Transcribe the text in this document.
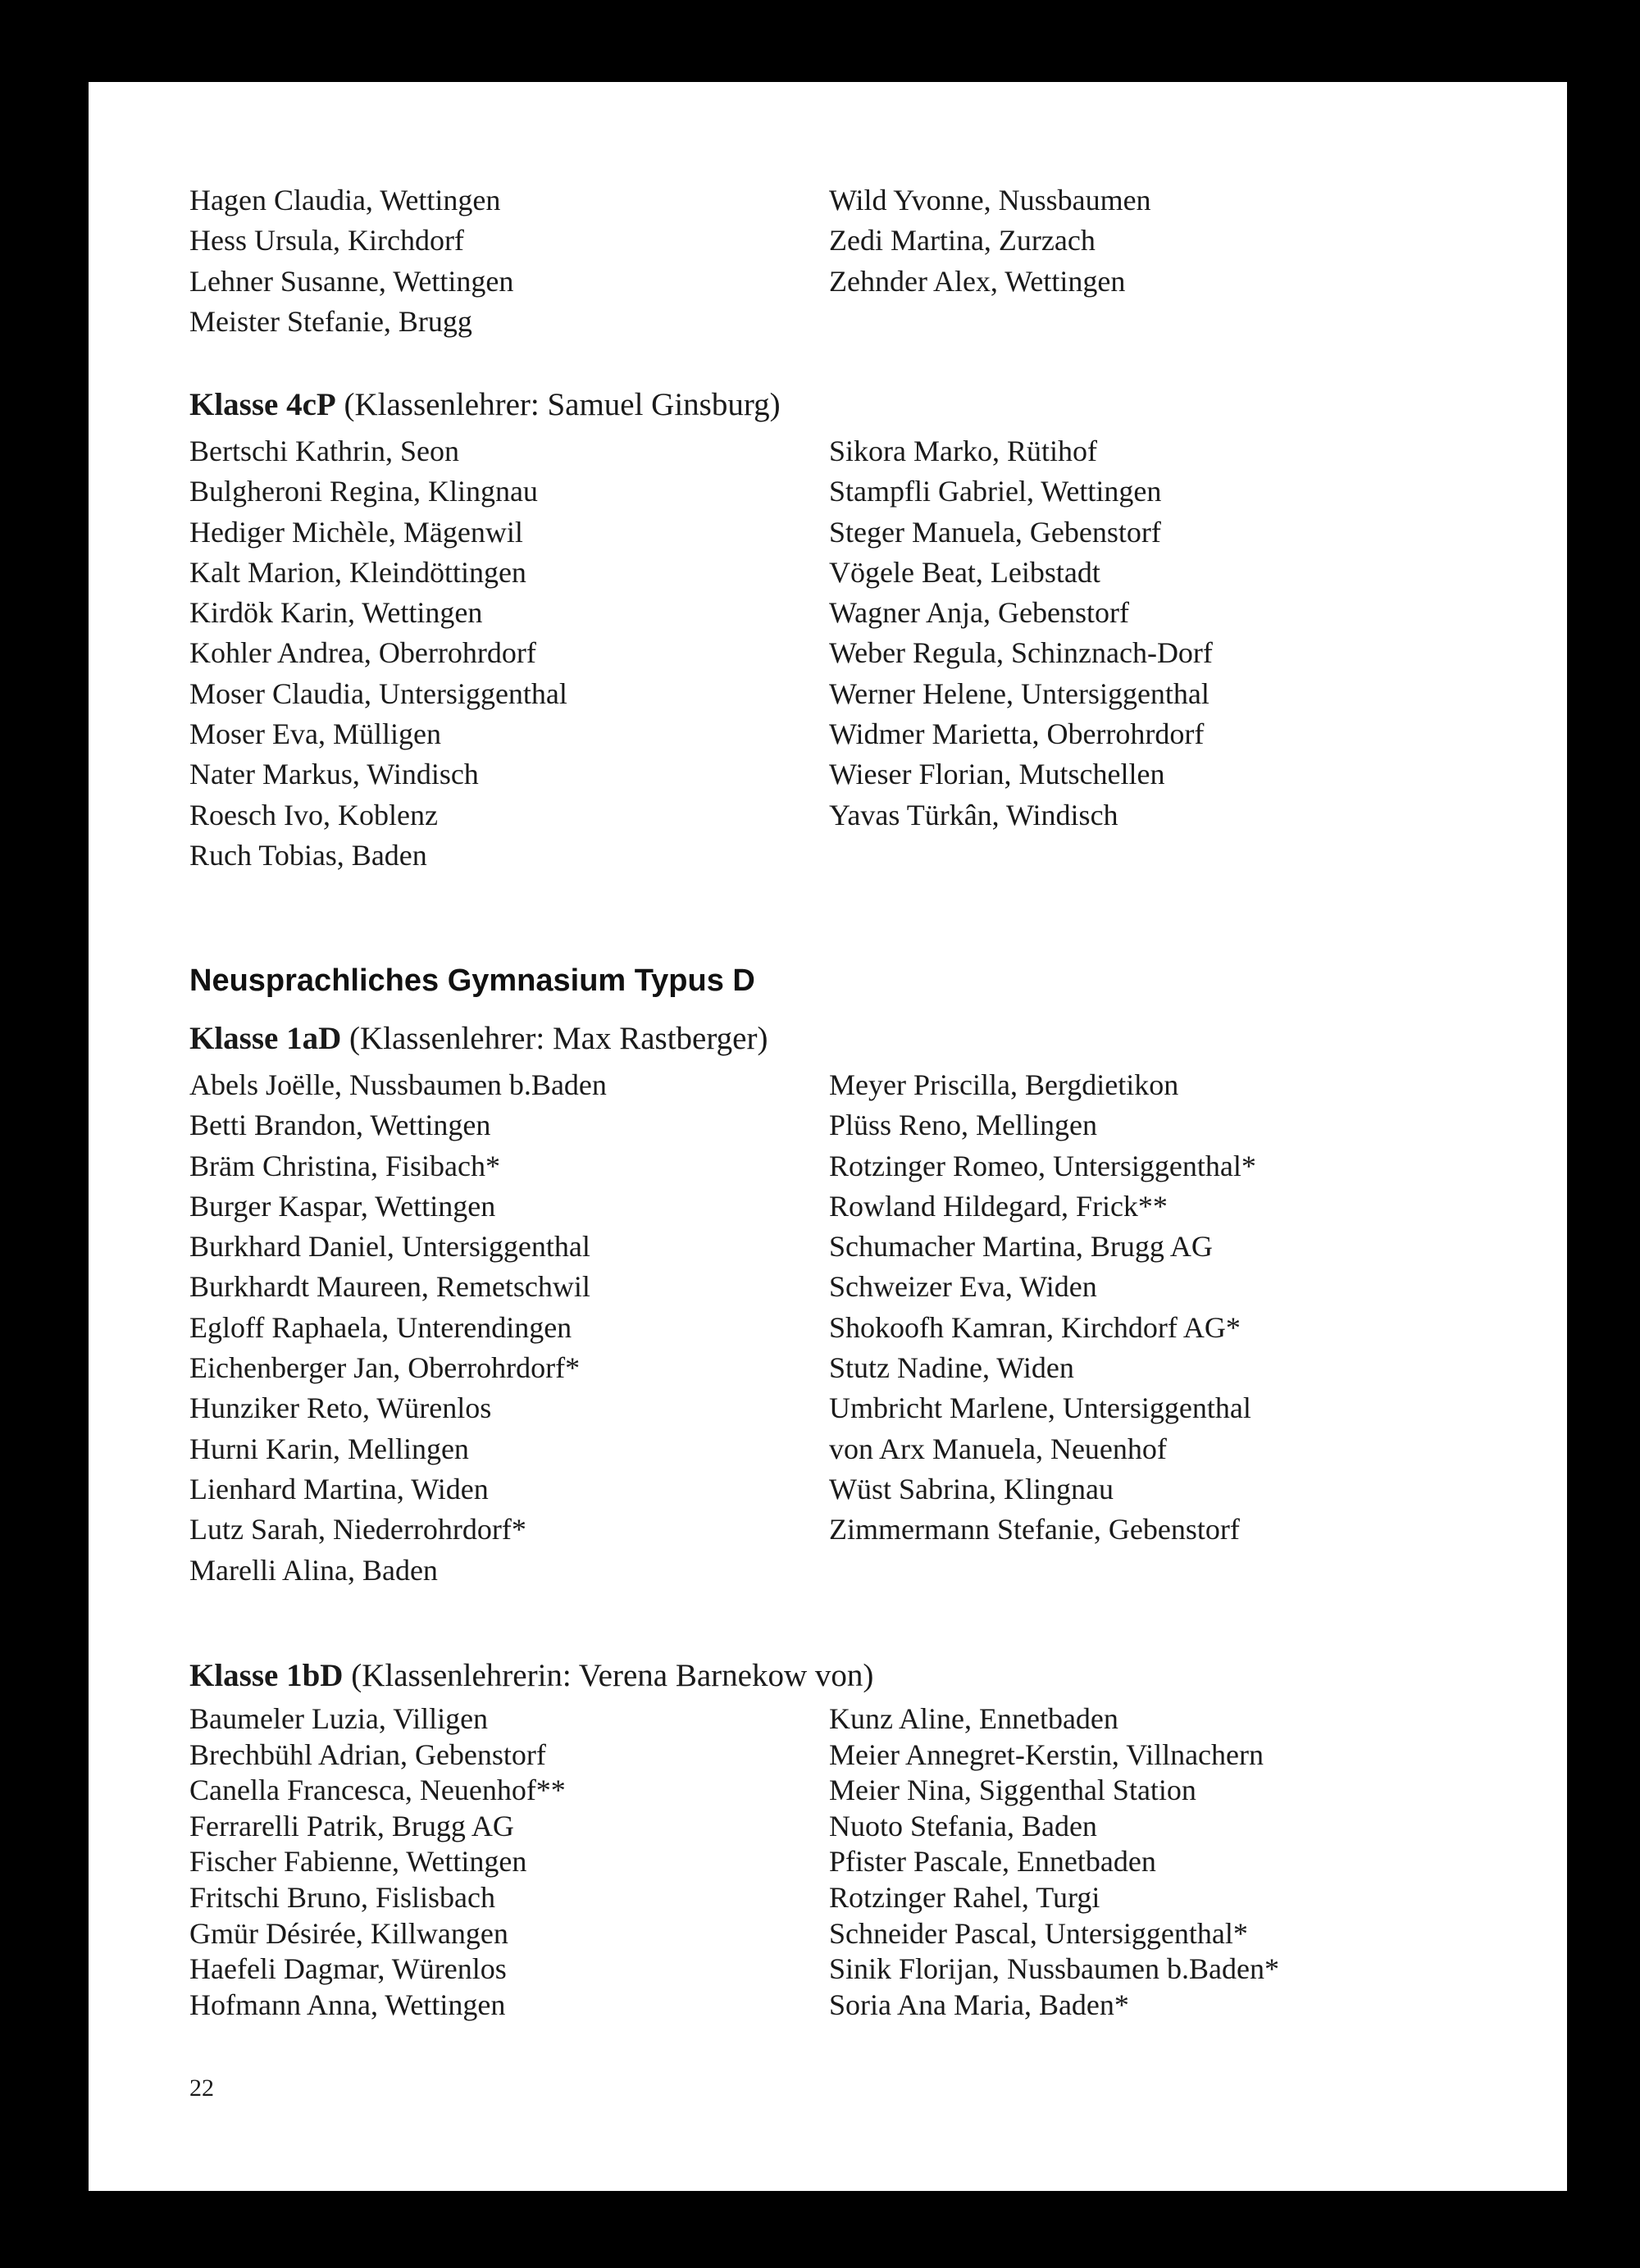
Hagen Claudia, Wettingen
Hess Ursula, Kirchdorf
Lehner Susanne, Wettingen
Meister Stefanie, Brugg
Wild Yvonne, Nussbaumen
Zedi Martina, Zurzach
Zehnder Alex, Wettingen
Klasse 4cP (Klassenlehrer: Samuel Ginsburg)
Bertschi Kathrin, Seon
Bulgheroni Regina, Klingnau
Hediger Michèle, Mägenwil
Kalt Marion, Kleindöttingen
Kirdök Karin, Wettingen
Kohler Andrea, Oberrohrdorf
Moser Claudia, Untersiggenthal
Moser Eva, Mülligen
Nater Markus, Windisch
Roesch Ivo, Koblenz
Ruch Tobias, Baden
Sikora Marko, Rütihof
Stampfli Gabriel, Wettingen
Steger Manuela, Gebenstorf
Vögele Beat, Leibstadt
Wagner Anja, Gebenstorf
Weber Regula, Schinznach-Dorf
Werner Helene, Untersiggenthal
Widmer Marietta, Oberrohrdorf
Wieser Florian, Mutschellen
Yavas Türkân, Windisch
Neusprachliches Gymnasium Typus D
Klasse 1aD (Klassenlehrer: Max Rastberger)
Abels Joëlle, Nussbaumen b.Baden
Betti Brandon, Wettingen
Bräm Christina, Fisibach*
Burger Kaspar, Wettingen
Burkhard Daniel, Untersiggenthal
Burkhardt Maureen, Remetschwil
Egloff Raphaela, Unterendingen
Eichenberger Jan, Oberrohrdorf*
Hunziker Reto, Würenlos
Hurni Karin, Mellingen
Lienhard Martina, Widen
Lutz Sarah, Niederrohrdorf*
Marelli Alina, Baden
Meyer Priscilla, Bergdietikon
Plüss Reno, Mellingen
Rotzinger Romeo, Untersiggenthal*
Rowland Hildegard, Frick**
Schumacher Martina, Brugg AG
Schweizer Eva, Widen
Shokoofh Kamran, Kirchdorf AG*
Stutz Nadine, Widen
Umbricht Marlene, Untersiggenthal
von Arx Manuela, Neuenhof
Wüst Sabrina, Klingnau
Zimmermann Stefanie, Gebenstorf
Klasse 1bD (Klassenlehrerin: Verena Barnekow von)
Baumeler Luzia, Villigen
Brechbühl Adrian, Gebenstorf
Canella Francesca, Neuenhof**
Ferrarelli Patrik, Brugg AG
Fischer Fabienne, Wettingen
Fritschi Bruno, Fislisbach
Gmür Désirée, Killwangen
Haefeli Dagmar, Würenlos
Hofmann Anna, Wettingen
Kunz Aline, Ennetbaden
Meier Annegret-Kerstin, Villnachern
Meier Nina, Siggenthal Station
Nuoto Stefania, Baden
Pfister Pascale, Ennetbaden
Rotzinger Rahel, Turgi
Schneider Pascal, Untersiggenthal*
Sinik Florijan, Nussbaumen b.Baden*
Soria Ana Maria, Baden*
22
